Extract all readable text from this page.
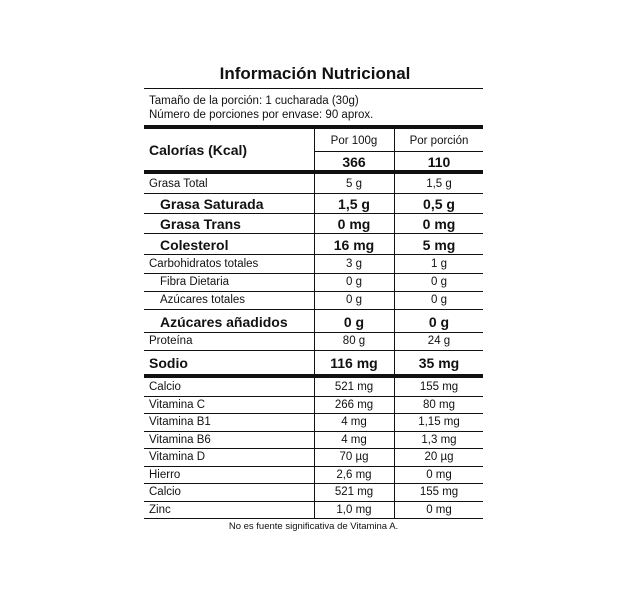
Información Nutricional
Tamaño de la porción: 1 cucharada (30g)
Número de porciones por envase: 90 aprox.
Calorías (Kcal)
Por 100g	Por porción
366	110
Grasa Total	5 g	1,5 g
Grasa Saturada	1,5 g	0,5 g
Grasa Trans	0 mg	0 mg
Colesterol	16 mg	5 mg
Carbohidratos totales	3 g	1 g
Fibra Dietaria	0 g	0 g
Azúcares totales	0 g	0 g
Azúcares añadidos	0 g	0 g
Proteína	80 g	24 g
Sodio	116 mg	35 mg
Calcio	521 mg	155 mg
Vitamina C	266 mg	80 mg
Vitamina B1	4 mg	1,15 mg
Vitamina B6	4 mg	1,3 mg
Vitamina D	70 µg	20 µg
Hierro	2,6 mg	0 mg
Calcio	521 mg	155 mg
Zinc	1,0 mg	0 mg
No es fuente significativa de Vitamina A.
